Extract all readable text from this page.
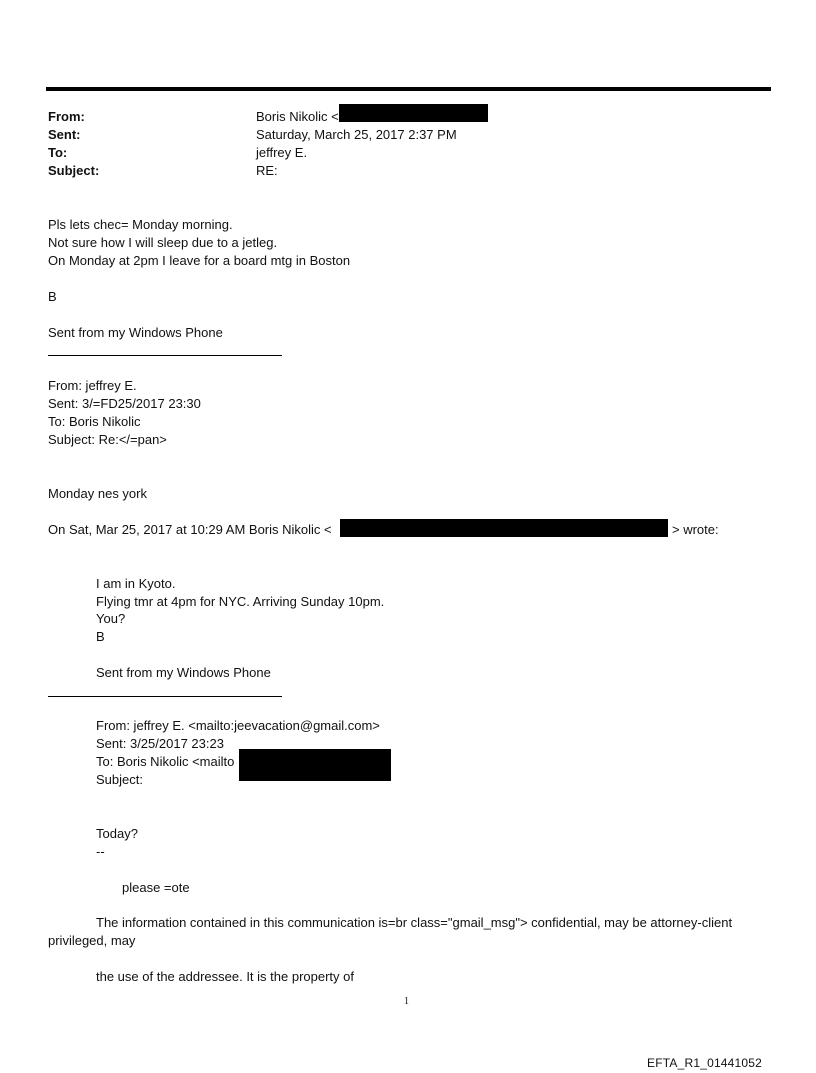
From:	Boris Nikolic <
Sent:	Saturday, March 25, 2017 2:37 PM
To:	jeffrey E.
Subject:	RE:
Pls lets chec= Monday morning.
Not sure how I will sleep due to a jetleg.
On Monday at 2pm I leave for a board mtg in Boston
B
Sent from my Windows Phone
From: jeffrey E.
Sent: 3/=FD25/2017 23:30
To: Boris Nikolic
Subject: Re:</=pan>
Monday nes york
On Sat, Mar 25, 2017 at 10:29 AM Boris Nikolic <	> wrote:
I am in Kyoto.
Flying tmr at 4pm for NYC. Arriving Sunday 10pm.
You?
B
Sent from my Windows Phone
From: jeffrey E. <mailto:jeevacation@gmail.com>
Sent: 3/25/2017 23:23
To: Boris Nikolic <mailto
Subject:
Today?
--
please =ote
The information contained in this communication is=br class="gmail_msg"> confidential, may be attorney-client
privileged, may
the use of the addressee. It is the property of
1
EFTA_R1_01441052
